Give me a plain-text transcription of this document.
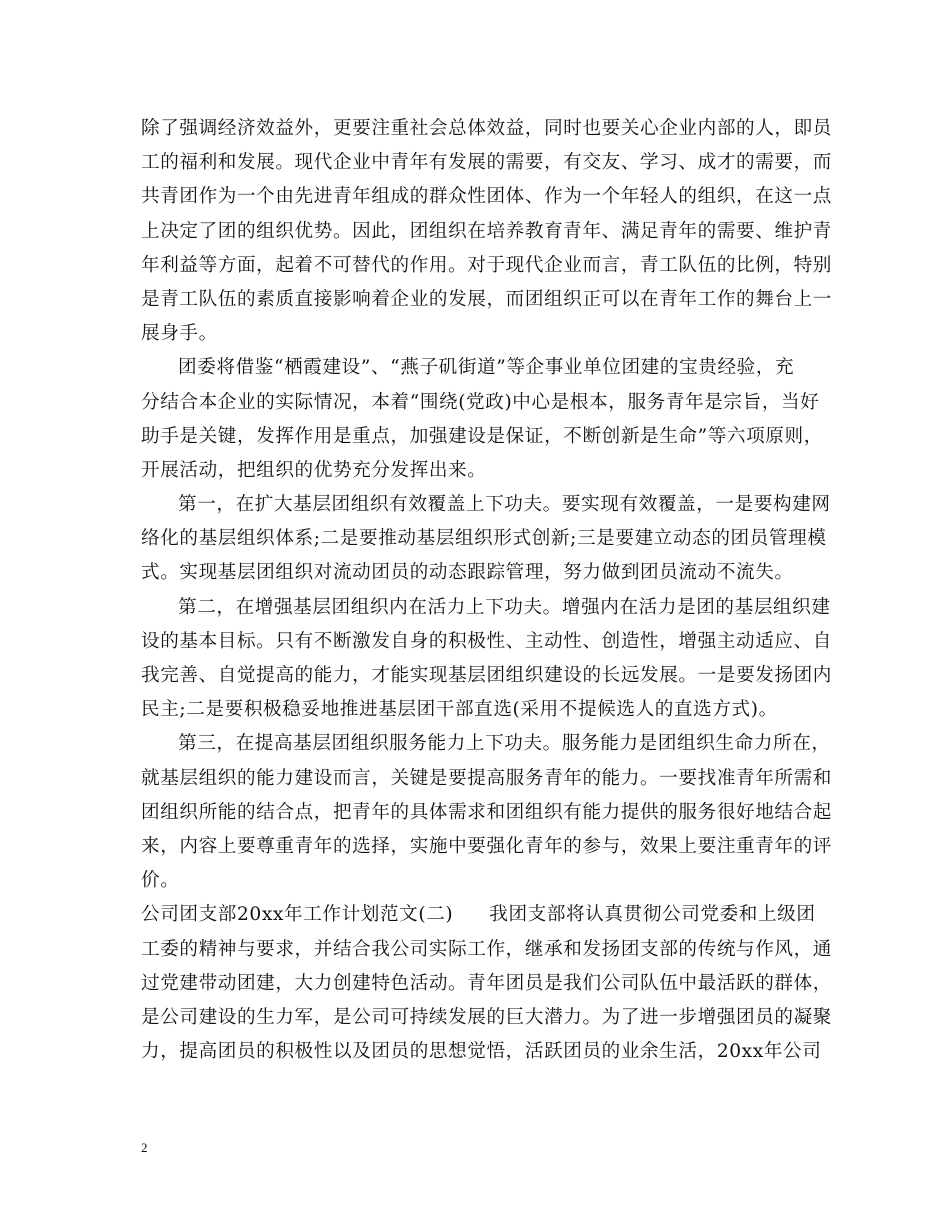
除了强调经济效益外，更要注重社会总体效益，同时也要关心企业内部的人，即员
工的福利和发展。现代企业中青年有发展的需要，有交友、学习、成才的需要，而
共青团作为一个由先进青年组成的群众性团体、作为一个年轻人的组织，在这一点
上决定了团的组织优势。因此，团组织在培养教育青年、满足青年的需要、维护青
年利益等方面，起着不可替代的作用。对于现代企业而言，青工队伍的比例，特别
是青工队伍的素质直接影响着企业的发展，而团组织正可以在青年工作的舞台上一
展身手。
团委将借鉴“栖霞建设”、“燕子矶街道”等企事业单位团建的宝贵经验，充
分结合本企业的实际情况，本着“围绕(党政)中心是根本，服务青年是宗旨，当好
助手是关键，发挥作用是重点，加强建设是保证，不断创新是生命”等六项原则，
开展活动，把组织的优势充分发挥出来。
第一，在扩大基层团组织有效覆盖上下功夫。要实现有效覆盖，一是要构建网
络化的基层组织体系;二是要推动基层组织形式创新;三是要建立动态的团员管理模
式。实现基层团组织对流动团员的动态跟踪管理，努力做到团员流动不流失。
第二，在增强基层团组织内在活力上下功夫。增强内在活力是团的基层组织建
设的基本目标。只有不断激发自身的积极性、主动性、创造性，增强主动适应、自
我完善、自觉提高的能力，才能实现基层团组织建设的长远发展。一是要发扬团内
民主;二是要积极稳妥地推进基层团干部直选(采用不提候选人的直选方式)。
第三，在提高基层团组织服务能力上下功夫。服务能力是团组织生命力所在，
就基层组织的能力建设而言，关键是要提高服务青年的能力。一要找准青年所需和
团组织所能的结合点，把青年的具体需求和团组织有能力提供的服务很好地结合起
来，内容上要尊重青年的选择，实施中要强化青年的参与，效果上要注重青年的评
价。
公司团支部20xx年工作计划范文(二) 我团支部将认真贯彻公司党委和上级团
工委的精神与要求，并结合我公司实际工作，继承和发扬团支部的传统与作风，通
过党建带动团建，大力创建特色活动。青年团员是我们公司队伍中最活跃的群体，
是公司建设的生力军，是公司可持续发展的巨大潜力。为了进一步增强团员的凝聚
力，提高团员的积极性以及团员的思想觉悟，活跃团员的业余生活，20xx年公司
2
